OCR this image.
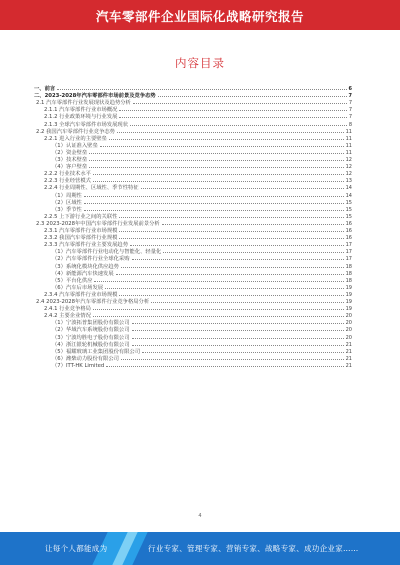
汽车零部件企业国际化战略研究报告
内容目录
一、前言	6
二、2023-2028年汽车零部件市场前景及竞争态势	7
2.1 汽车零部件行业发展现状及趋势分析	7
2.1.1 汽车零部件行业市场概况	7
2.1.2 行业政策环境与行业发展	7
2.1.3 全球汽车零部件市场发展现状	8
2.2 我国汽车零部件行业竞争态势	11
2.2.1 进入行业的主要壁垒	11
（1）认证准入壁垒	11
（2）资金壁垒	11
（3）技术壁垒	12
（4）客户壁垒	12
2.2.2 行业技术水平	12
2.2.3 行业经营模式	13
2.2.4 行业周期性、区域性、季节性特征	14
（1）周期性	14
（2）区域性	15
（3）季节性	15
2.2.5 上下游行业之间的关联性	15
2.3 2023-2028年中国汽车零部件行业发展前景分析	16
2.3.1 汽车零部件行业市场规模	16
2.3.2 我国汽车零部件行业规模	16
2.3.3 汽车零部件行业主要发展趋势	17
（1）汽车零部件行业电动化与智能化、轻量化	17
（2）汽车零部件行业全球化采购	17
（3）系统化模块化供应趋势	18
（4）新能源汽车快速发展	18
（5）平台化供应	18
（6）汽车后市场发展	19
2.3.4 汽车零部件行业市场规模	19
2.4 2023-2028年汽车零部件行业竞争格局分析	19
2.4.1 行业竞争格局	19
2.4.2 主要企业情况	20
（1）宁波拓普集团股份有限公司	20
（2）华域汽车系统股份有限公司	20
（3）宁波均胜电子股份有限公司	20
（4）浙江银轮机械股份有限公司	21
（5）福耀玻璃工业集团股份有限公司	21
（6）潍柴动力股份有限公司	21
（7）ITT-HK Limited	21
4
让每个人都能成为	行业专家、管理专家、营销专家、战略专家、成功企业家……
